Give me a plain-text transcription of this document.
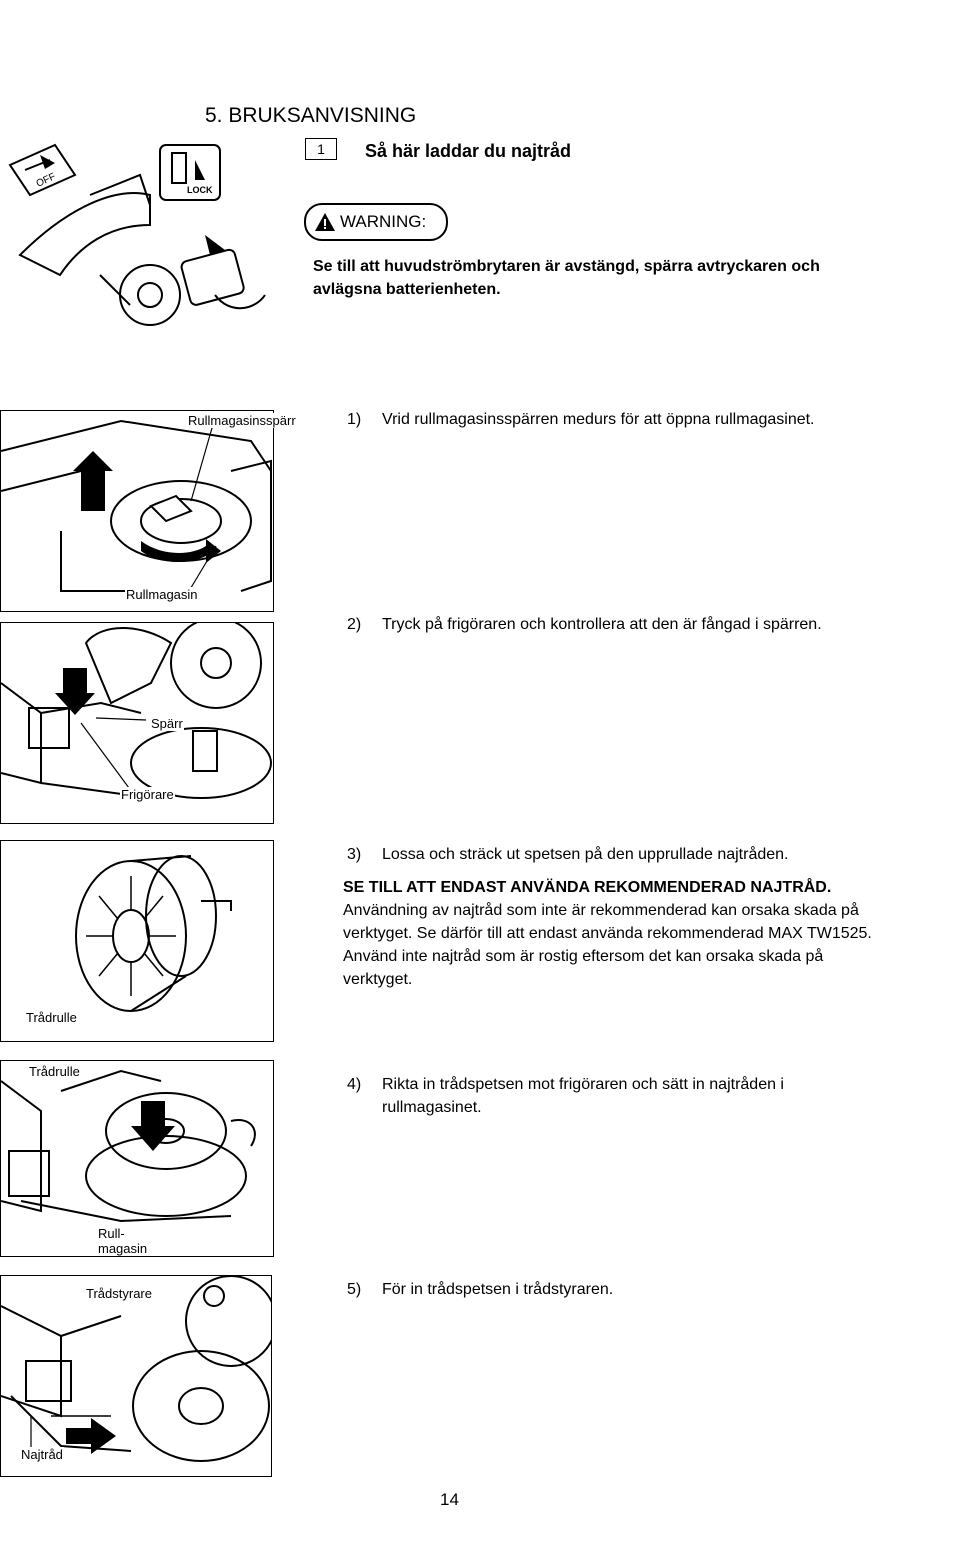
5. BRUKSANVISNING
1	Så här laddar du najtråd
OFF
LOCK
WARNING:
Se till att huvudströmbrytaren är avstängd, spärra avtryckaren och avlägsna batterienheten.
Rullmagasinsspärr
Rullmagasin
1) Vrid rullmagasinsspärren medurs för att öppna rullmagasinet.
Spärr
Frigörare
2) Tryck på frigöraren och kontrollera att den är fångad i spärren.
Trådrulle
3) Lossa och sträck ut spetsen på den upprullade najtråden.
SE TILL ATT ENDAST ANVÄNDA REKOMMENDERAD NAJTRÅD.
Användning av najtråd som inte är rekommenderad kan orsaka skada på verktyget. Se därför till att endast använda rekommenderad MAX TW1525. Använd inte najtråd som är rostig eftersom det kan orsaka skada på verktyget.
Trådrulle
Rull-
magasin
4) Rikta in trådspetsen mot frigöraren och sätt in najtråden i rullmagasinet.
Trådstyrare
Najtråd
5) För in trådspetsen i trådstyraren.
14
